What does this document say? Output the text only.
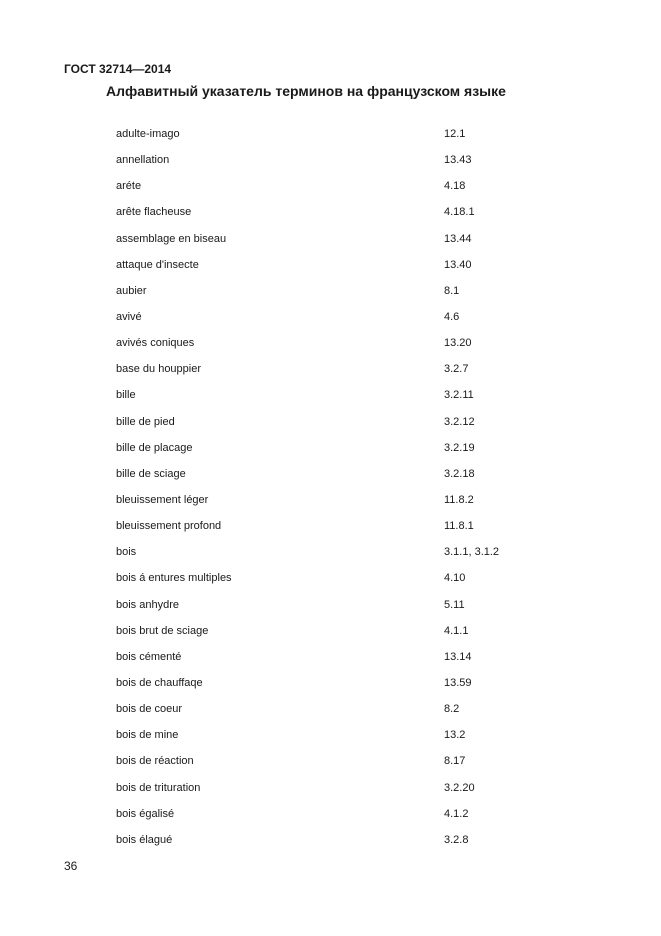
ГОСТ 32714—2014
Алфавитный указатель терминов на французском языке
adulte-imago	12.1
annellation	13.43
aréte	4.18
arête flacheuse	4.18.1
assemblage en biseau	13.44
attaque d'insecte	13.40
aubier	8.1
avivé	4.6
avivés coniques	13.20
base du houppier	3.2.7
bille	3.2.11
bille de pied	3.2.12
bille de placage	3.2.19
bille de sciage	3.2.18
bleuissement léger	11.8.2
bleuissement profond	11.8.1
bois	3.1.1, 3.1.2
bois á entures multiples	4.10
bois anhydre	5.11
bois brut de sciage	4.1.1
bois cémenté	13.14
bois de chauffaqe	13.59
bois de coeur	8.2
bois de mine	13.2
bois de réaction	8.17
bois de trituration	3.2.20
bois égalisé	4.1.2
bois élagué	3.2.8
36
